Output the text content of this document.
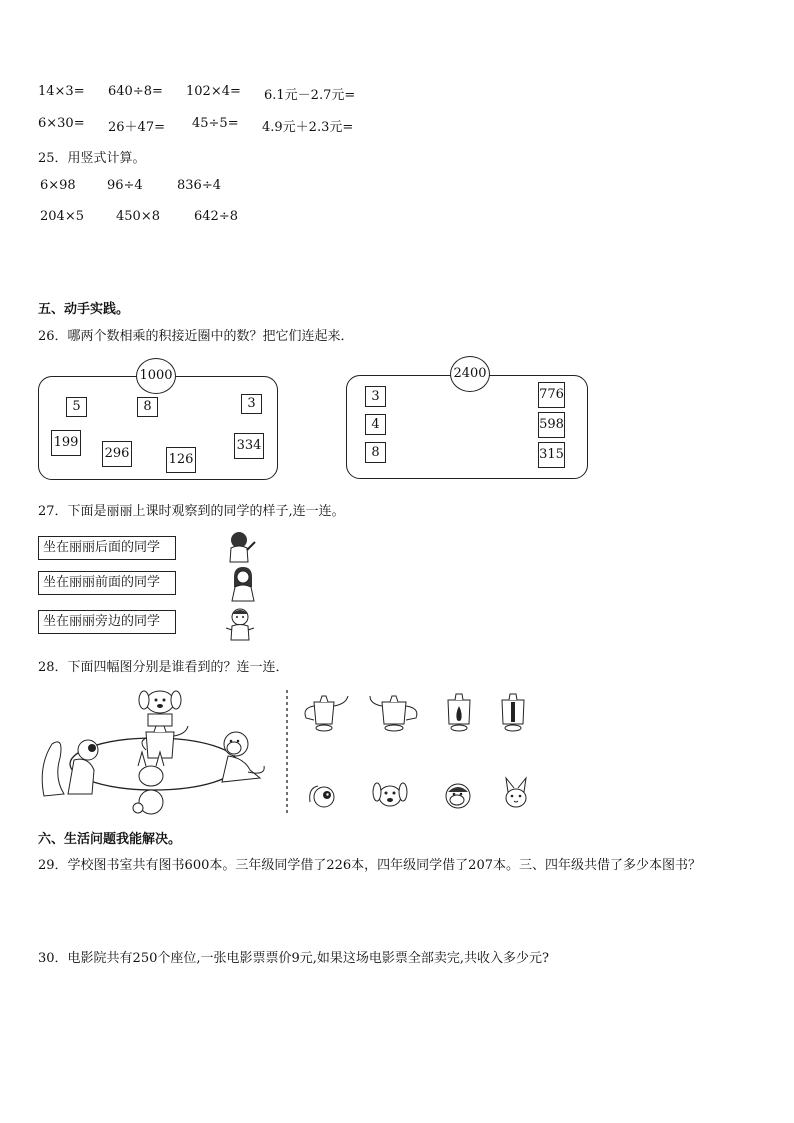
14×3= 640÷8= 102×4= 6.1元－2.7元=
6×30= 26＋47= 45÷5= 4.9元＋2.3元=
25．用竖式计算。
6×98 96÷4	836÷4
204×5 450×8	642÷8
五、动手实践。
26．哪两个数相乘的积接近圈中的数？把它们连起来．
1000
5	8	3
199
296	126
334
2400
3
4
8
776
598
315
27．下面是丽丽上课时观察到的同学的样子,连一连。
坐在丽丽后面的同学
坐在丽丽前面的同学
坐在丽丽旁边的同学
28．下面四幅图分别是谁看到的？连一连．
六、生活问题我能解决。
29．学校图书室共有图书600本。三年级同学借了226本，四年级同学借了207本。三、四年级共借了多少本图书？
30．电影院共有250个座位,一张电影票票价9元,如果这场电影票全部卖完,共收入多少元?
